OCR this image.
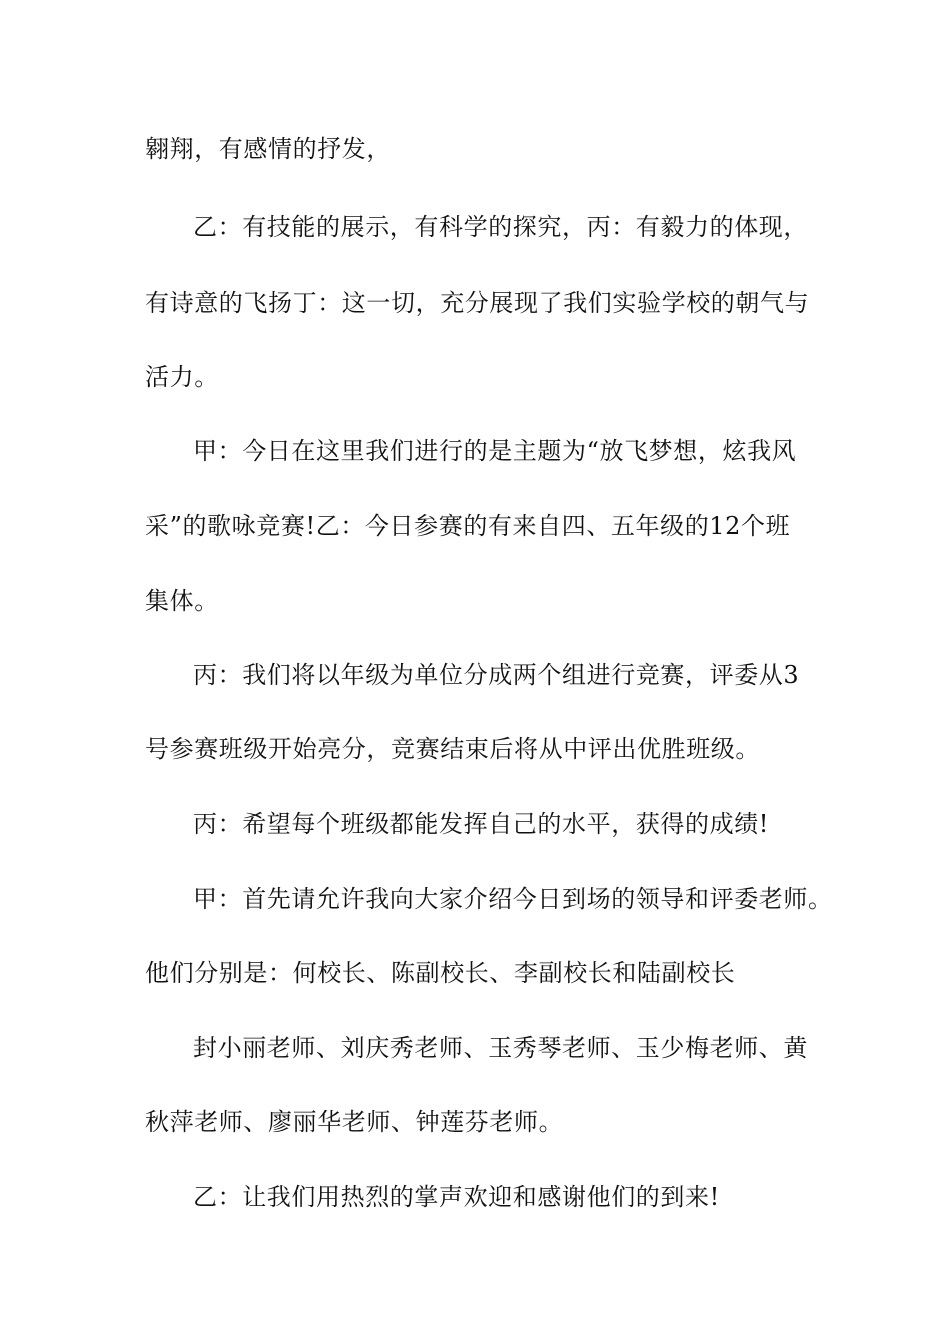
翱翔，有感情的抒发，

乙：有技能的展示，有科学的探究，丙：有毅力的体现，

有诗意的飞扬丁：这一切，充分展现了我们实验学校的朝气与

活力。

甲：今日在这里我们进行的是主题为“放飞梦想，炫我风

采”的歌咏竞赛!乙：今日参赛的有来自四、五年级的12个班

集体。

丙：我们将以年级为单位分成两个组进行竞赛，评委从3

号参赛班级开始亮分，竞赛结束后将从中评出优胜班级。

丙：希望每个班级都能发挥自己的水平，获得的成绩!

甲：首先请允许我向大家介绍今日到场的领导和评委老师。

他们分别是：何校长、陈副校长、李副校长和陆副校长

封小丽老师、刘庆秀老师、玉秀琴老师、玉少梅老师、黄

秋萍老师、廖丽华老师、钟莲芬老师。

乙：让我们用热烈的掌声欢迎和感谢他们的到来!
